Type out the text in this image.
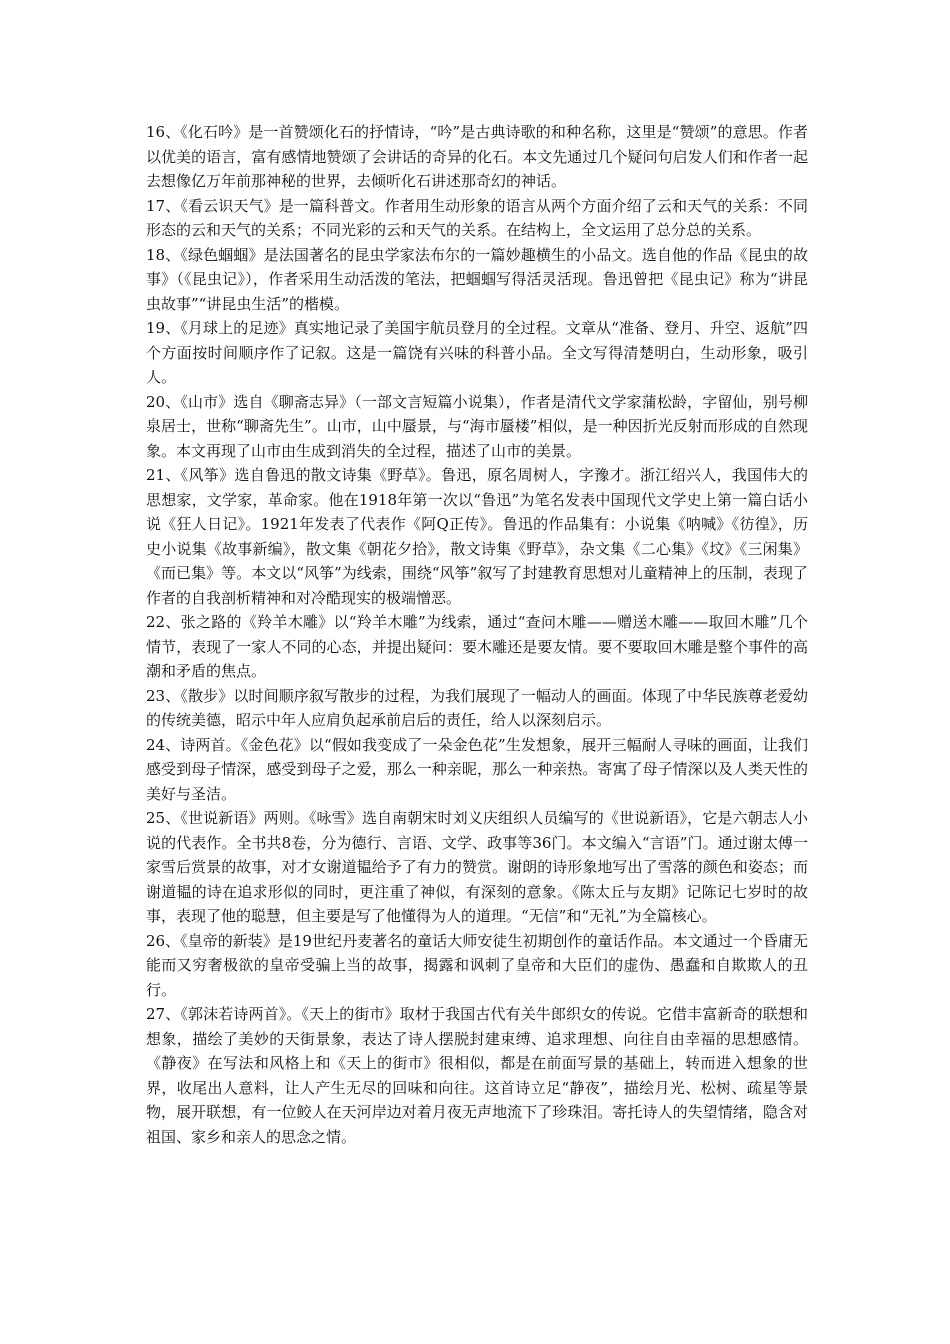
16、《化石吟》是一首赞颂化石的抒情诗，“吟”是古典诗歌的和种名称，这里是“赞颂”的意思。作者以优美的语言，富有感情地赞颂了会讲话的奇异的化石。本文先通过几个疑问句启发人们和作者一起去想像亿万年前那神秘的世界，去倾听化石讲述那奇幻的神话。

17、《看云识天气》是一篇科普文。作者用生动形象的语言从两个方面介绍了云和天气的关系：不同形态的云和天气的关系；不同光彩的云和天气的关系。在结构上，全文运用了总分总的关系。

18、《绿色蝈蝈》是法国著名的昆虫学家法布尔的一篇妙趣横生的小品文。选自他的作品《昆虫的故事》（《昆虫记》），作者采用生动活泼的笔法，把蝈蝈写得活灵活现。鲁迅曾把《昆虫记》称为“讲昆虫故事”“讲昆虫生活”的楷模。

19、《月球上的足迹》真实地记录了美国宇航员登月的全过程。文章从“准备、登月、升空、返航”四个方面按时间顺序作了记叙。这是一篇饶有兴味的科普小品。全文写得清楚明白，生动形象，吸引人。

20、《山市》选自《聊斋志异》（一部文言短篇小说集），作者是清代文学家蒲松龄，字留仙，别号柳泉居士，世称“聊斋先生”。山市，山中蜃景，与“海市蜃楼”相似，是一种因折光反射而形成的自然现象。本文再现了山市由生成到消失的全过程，描述了山市的美景。

21、《风筝》选自鲁迅的散文诗集《野草》。鲁迅，原名周树人，字豫才。浙江绍兴人，我国伟大的思想家，文学家，革命家。他在1918年第一次以“鲁迅”为笔名发表中国现代文学史上第一篇白话小说《狂人日记》。1921年发表了代表作《阿Q正传》。鲁迅的作品集有：小说集《呐喊》《彷徨》，历史小说集《故事新编》，散文集《朝花夕拾》，散文诗集《野草》，杂文集《二心集》《坟》《三闲集》《而已集》等。本文以“风筝”为线索，围绕“风筝”叙写了封建教育思想对儿童精神上的压制，表现了作者的自我剖析精神和对冷酷现实的极端憎恶。

22、张之路的《羚羊木雕》以“羚羊木雕”为线索，通过“查问木雕——赠送木雕——取回木雕”几个情节，表现了一家人不同的心态，并提出疑问：要木雕还是要友情。要不要取回木雕是整个事件的高潮和矛盾的焦点。

23、《散步》以时间顺序叙写散步的过程，为我们展现了一幅动人的画面。体现了中华民族尊老爱幼的传统美德，昭示中年人应肩负起承前启后的责任，给人以深刻启示。

24、诗两首。《金色花》以“假如我变成了一朵金色花”生发想象，展开三幅耐人寻味的画面，让我们感受到母子情深，感受到母子之爱，那么一种亲昵，那么一种亲热。寄寓了母子情深以及人类天性的美好与圣洁。

25、《世说新语》两则。《咏雪》选自南朝宋时刘义庆组织人员编写的《世说新语》，它是六朝志人小说的代表作。全书共8卷，分为德行、言语、文学、政事等36门。本文编入“言语”门。通过谢太傅一家雪后赏景的故事，对才女谢道韫给予了有力的赞赏。谢朗的诗形象地写出了雪落的颜色和姿态；而谢道韫的诗在追求形似的同时，更注重了神似，有深刻的意象。《陈太丘与友期》记陈记七岁时的故事，表现了他的聪慧，但主要是写了他懂得为人的道理。“无信”和“无礼”为全篇核心。

26、《皇帝的新装》是19世纪丹麦著名的童话大师安徒生初期创作的童话作品。本文通过一个昏庸无能而又穷奢极欲的皇帝受骗上当的故事，揭露和讽刺了皇帝和大臣们的虚伪、愚蠢和自欺欺人的丑行。

27、《郭沫若诗两首》。《天上的街市》取材于我国古代有关牛郎织女的传说。它借丰富新奇的联想和想象，描绘了美妙的天街景象，表达了诗人摆脱封建束缚、追求理想、向往自由幸福的思想感情。《静夜》在写法和风格上和《天上的街市》很相似，都是在前面写景的基础上，转而进入想象的世界，收尾出人意料，让人产生无尽的回味和向往。这首诗立足“静夜”，描绘月光、松树、疏星等景物，展开联想，有一位鲛人在天河岸边对着月夜无声地流下了珍珠泪。寄托诗人的失望情绪，隐含对祖国、家乡和亲人的思念之情。
